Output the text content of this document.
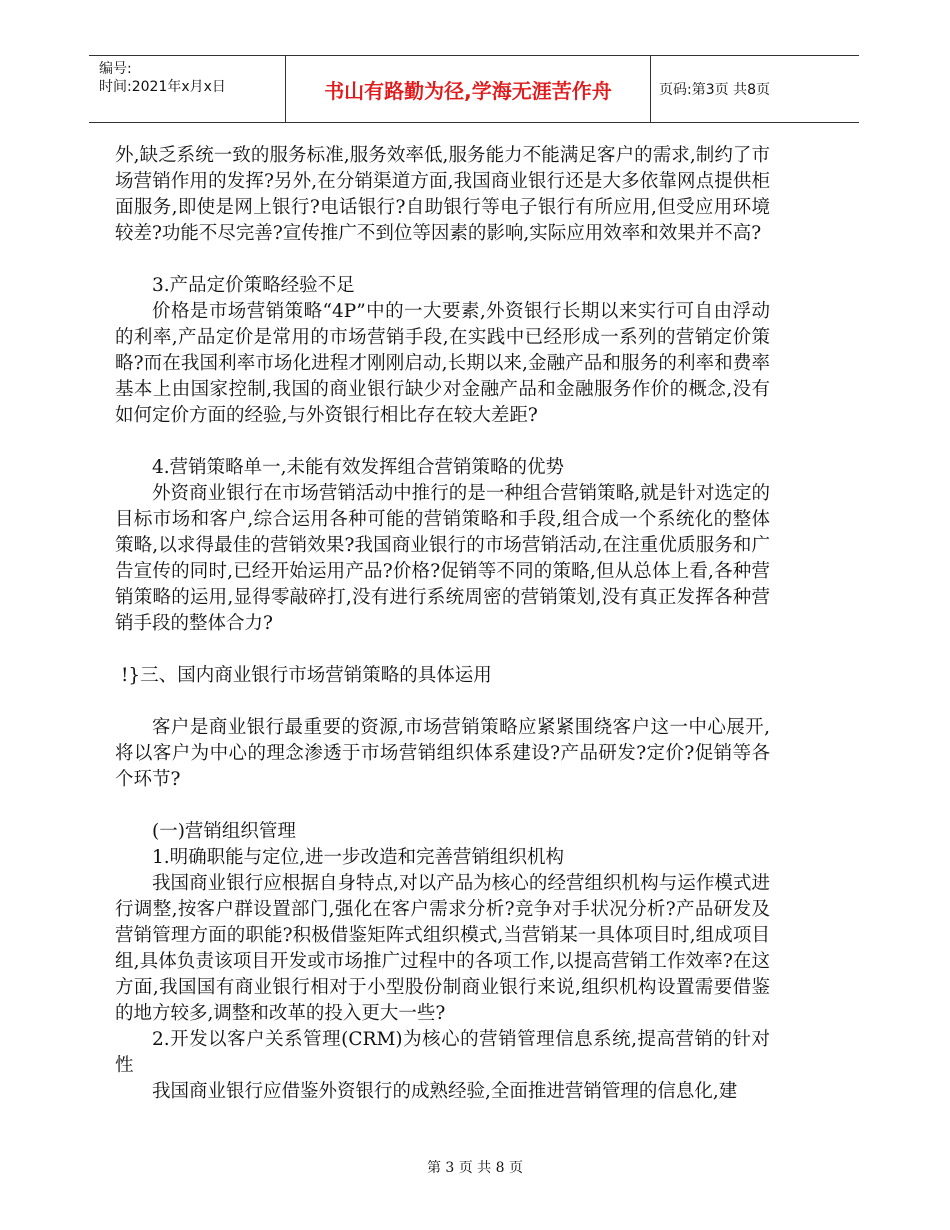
编号:
时间:2021年x月x日	书山有路勤为径,学海无涯苦作舟	页码:第3页 共8页

外,缺乏系统一致的服务标准,服务效率低,服务能力不能满足客户的需求,制约了市场营销作用的发挥?另外,在分销渠道方面,我国商业银行还是大多依靠网点提供柜面服务,即使是网上银行?电话银行?自助银行等电子银行有所应用,但受应用环境较差?功能不尽完善?宣传推广不到位等因素的影响,实际应用效率和效果并不高?

3.产品定价策略经验不足

价格是市场营销策略“4P”中的一大要素,外资银行长期以来实行可自由浮动的利率,产品定价是常用的市场营销手段,在实践中已经形成一系列的营销定价策略?而在我国利率市场化进程才刚刚启动,长期以来,金融产品和服务的利率和费率基本上由国家控制,我国的商业银行缺少对金融产品和金融服务作价的概念,没有如何定价方面的经验,与外资银行相比存在较大差距?

4.营销策略单一,未能有效发挥组合营销策略的优势

外资商业银行在市场营销活动中推行的是一种组合营销策略,就是针对选定的目标市场和客户,综合运用各种可能的营销策略和手段,组合成一个系统化的整体策略,以求得最佳的营销效果?我国商业银行的市场营销活动,在注重优质服务和广告宣传的同时,已经开始运用产品?价格?促销等不同的策略,但从总体上看,各种营销策略的运用,显得零敲碎打,没有进行系统周密的营销策划,没有真正发挥各种营销手段的整体合力?

!}三、国内商业银行市场营销策略的具体运用

客户是商业银行最重要的资源,市场营销策略应紧紧围绕客户这一中心展开,将以客户为中心的理念渗透于市场营销组织体系建设?产品研发?定价?促销等各个环节?

(一)营销组织管理

1.明确职能与定位,进一步改造和完善营销组织机构

我国商业银行应根据自身特点,对以产品为核心的经营组织机构与运作模式进行调整,按客户群设置部门,强化在客户需求分析?竞争对手状况分析?产品研发及营销管理方面的职能?积极借鉴矩阵式组织模式,当营销某一具体项目时,组成项目组,具体负责该项目开发或市场推广过程中的各项工作,以提高营销工作效率?在这方面,我国国有商业银行相对于小型股份制商业银行来说,组织机构设置需要借鉴的地方较多,调整和改革的投入更大一些?

2.开发以客户关系管理(CRM)为核心的营销管理信息系统,提高营销的针对性

我国商业银行应借鉴外资银行的成熟经验,全面推进营销管理的信息化,建

第 3 页 共 8 页
